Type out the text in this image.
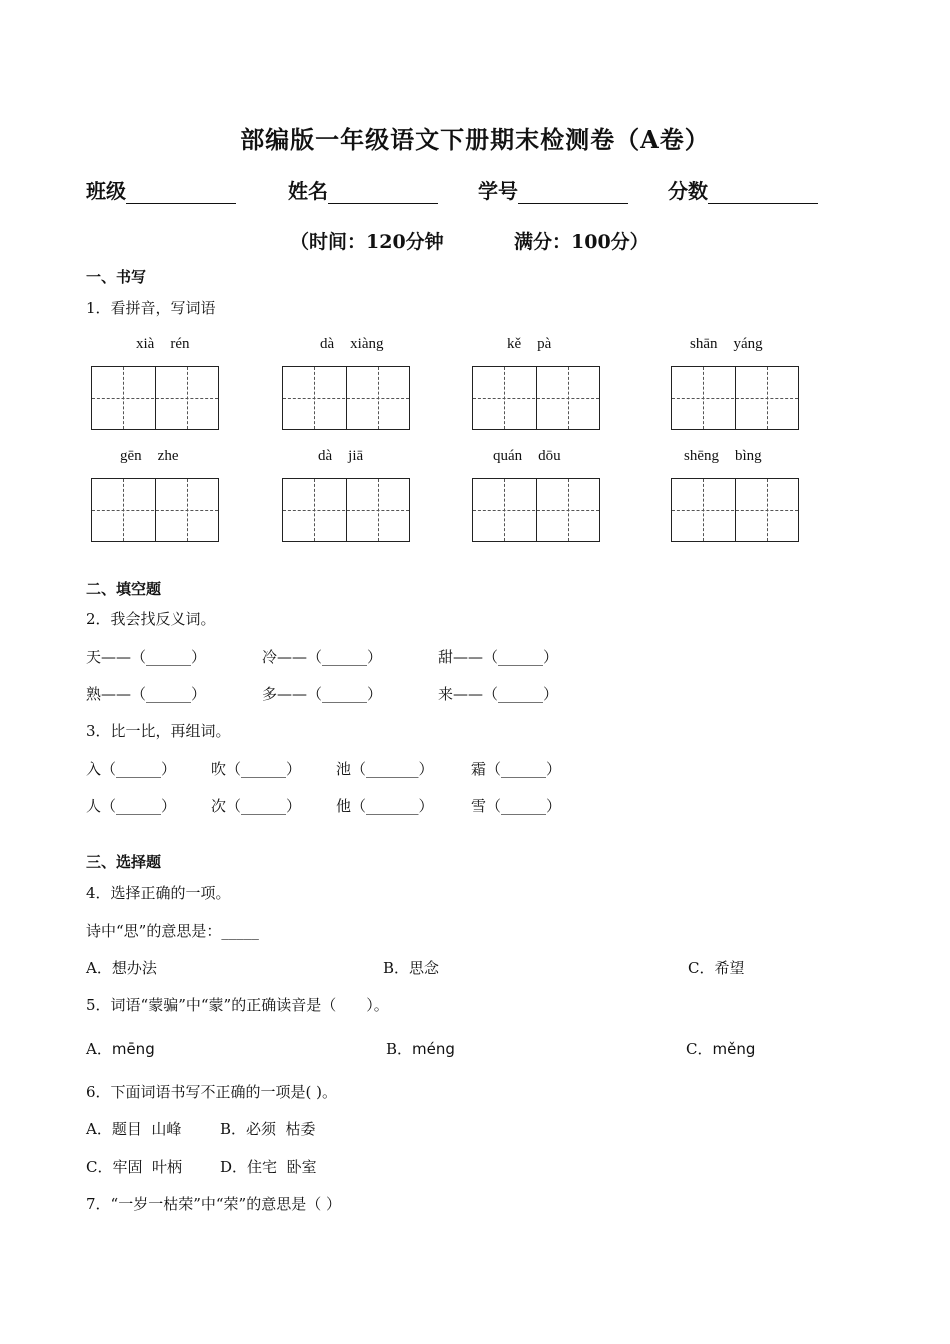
部编版一年级语文下册期末检测卷（A卷）
班级	姓名	学号	分数
（时间：120分钟	满分：100分）
一、书写
1．看拼音，写词语
xià rén	dà xiàng	kě pà	shān yáng
gēn zhe	dà jiā	quán dōu	shēng bìng
二、填空题
2．我会找反义词。
天——（______）	冷——（______）	甜——（______）
熟——（______）	多——（______）	来——（______）
3．比一比，再组词。
入（______） 吹（______） 池（_______） 霜（______）
人（______） 次（______） 他（_______） 雪（______）
三、选择题
4．选择正确的一项。
诗中“思”的意思是：_____
A．想办法	B．思念	C．希望
5．词语“蒙骗”中“蒙”的正确读音是（　　）。
A．mēng	B．méng	C．měng
6．下面词语书写不正确的一项是( )。
A．题目  山峰	B．必须  枯委
C．牢固  叶柄	D．住宅  卧室
7．“一岁一枯荣”中“荣”的意思是（ ）
